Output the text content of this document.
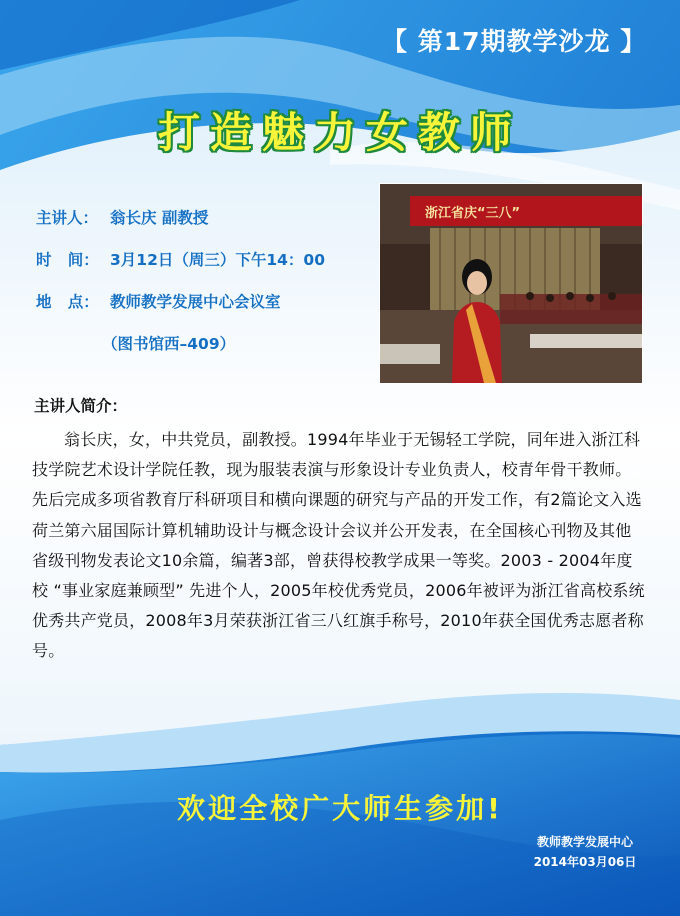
【 第17期教学沙龙 】
打造魅力女教师
主讲人： 翁长庆 副教授
时   间： 3月12日（周三）下午14：00
地   点： 教师教学发展中心会议室
（图书馆西–409）
浙江省庆“三八”
主讲人简介：
翁长庆，女，中共党员，副教授。1994年毕业于无锡轻工学院，同年进入浙江科技学院艺术设计学院任教，现为服装表演与形象设计专业负责人，校青年骨干教师。先后完成多项省教育厅科研项目和横向课题的研究与产品的开发工作，有2篇论文入选荷兰第六届国际计算机辅助设计与概念设计会议并公开发表，在全国核心刊物及其他省级刊物发表论文10余篇，编著3部，曾获得校教学成果一等奖。2003 - 2004年度校 “事业家庭兼顾型” 先进个人，2005年校优秀党员，2006年被评为浙江省高校系统优秀共产党员，2008年3月荣获浙江省三八红旗手称号，2010年获全国优秀志愿者称号。
欢迎全校广大师生参加!
教师教学发展中心
2014年03月06日
